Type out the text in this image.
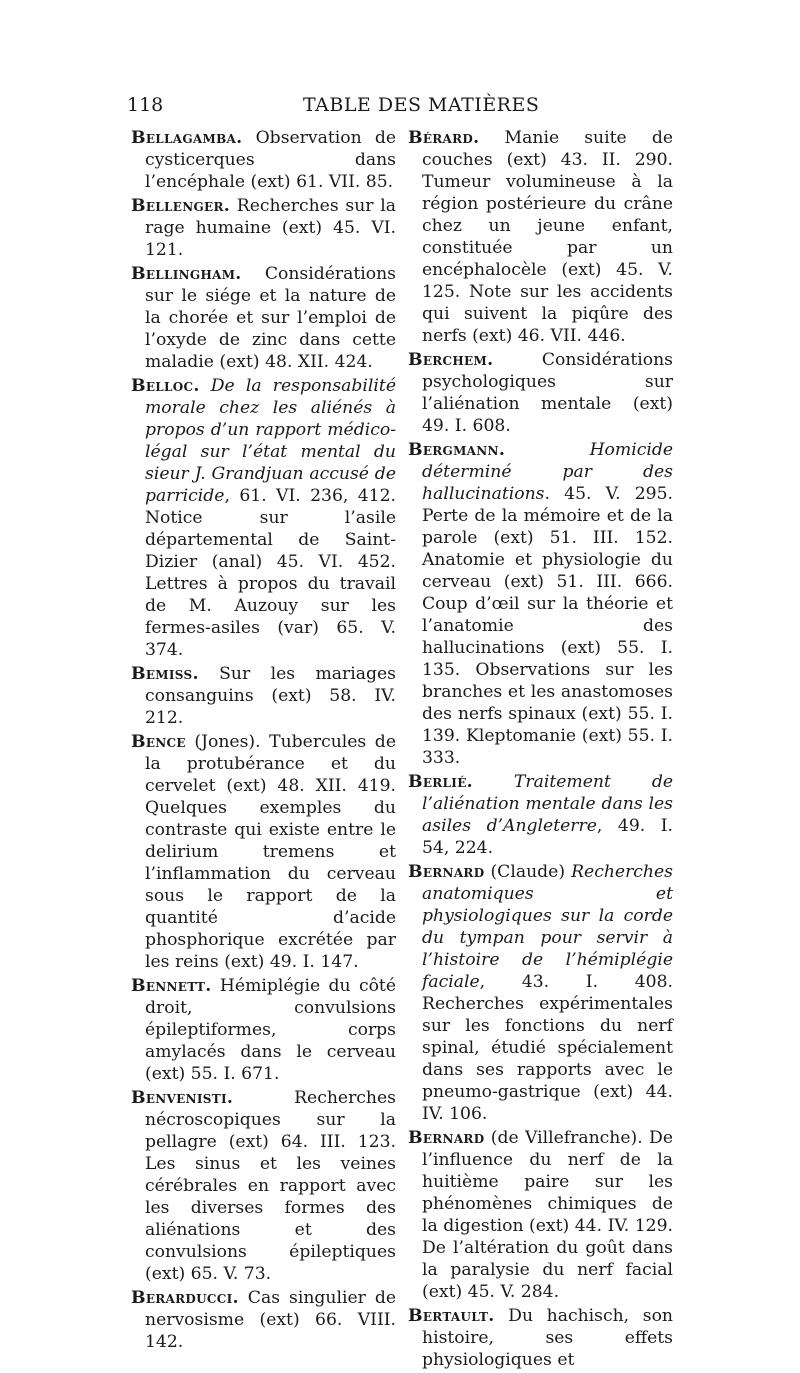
118	TABLE DES MATIÈRES

Bellagamba. Observation de cysticerques dans l’encéphale (ext) 61. VII. 85.

Bellenger. Recherches sur la rage humaine (ext) 45. VI. 121.

Bellingham. Considérations sur le siége et la nature de la chorée et sur l’emploi de l’oxyde de zinc dans cette maladie (ext) 48. XII. 424.

Belloc. De la responsabilité morale chez les aliénés à propos d’un rapport médico-légal sur l’état mental du sieur J. Grandjuan accusé de parricide, 61. VI. 236, 412. Notice sur l’asile départemental de Saint-Dizier (anal) 45. VI. 452. Lettres à propos du travail de M. Auzouy sur les fermes-asiles (var) 65. V. 374.

Bemiss. Sur les mariages consanguins (ext) 58. IV. 212.

Bence (Jones). Tubercules de la protubérance et du cervelet (ext) 48. XII. 419. Quelques exemples du contraste qui existe entre le delirium tremens et l’inflammation du cerveau sous le rapport de la quantité d’acide phosphorique excrétée par les reins (ext) 49. I. 147.

Bennett. Hémiplégie du côté droit, convulsions épileptiformes, corps amylacés dans le cerveau (ext) 55. I. 671.

Benvenisti. Recherches nécroscopiques sur la pellagre (ext) 64. III. 123. Les sinus et les veines cérébrales en rapport avec les diverses formes des aliénations et des convulsions épileptiques (ext) 65. V. 73.

Berarducci. Cas singulier de nervosisme (ext) 66. VIII. 142.

Bérard. Manie suite de couches (ext) 43. II. 290. Tumeur volumineuse à la région postérieure du crâne chez un jeune enfant, constituée par un encéphalocèle (ext) 45. V. 125. Note sur les accidents qui suivent la piqûre des nerfs (ext) 46. VII. 446.

Berchem. Considérations psychologiques sur l’aliénation mentale (ext) 49. I. 608.

Bergmann.	Homicide déterminé par des hallucinations. 45. V. 295. Perte de la mémoire et de la parole (ext) 51. III. 152. Anatomie et physiologie du cerveau (ext) 51. III. 666. Coup d’œil sur la théorie et l’anatomie des hallucinations (ext) 55. I. 135. Observations sur les branches et les anastomoses des nerfs spinaux (ext) 55. I. 139. Kleptomanie (ext) 55. I. 333.

Berlié. Traitement de l’aliénation mentale dans les asiles d’Angleterre, 49. I. 54, 224.

Bernard (Claude) Recherches anatomiques et physiologiques sur la corde du tympan pour servir à l’histoire de l’hémiplégie faciale, 43. I. 408. Recherches expérimentales sur les fonctions du nerf spinal, étudié spécialement dans ses rapports avec le pneumo-gastrique (ext) 44. IV. 106.

Bernard (de Villefranche). De l’influence du nerf de la huitième paire sur les phénomènes chimiques de la digestion (ext) 44. IV. 129. De l’altération du goût dans la paralysie du nerf facial (ext) 45. V. 284.

Bertault. Du hachisch, son histoire, ses effets physiologiques et
